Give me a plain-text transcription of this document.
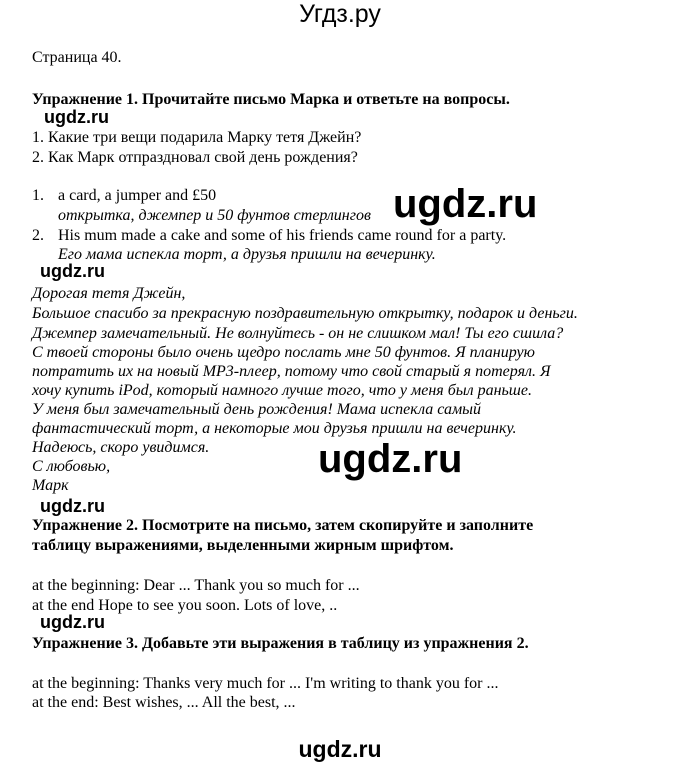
Угдз.ру
Страница 40.
Упражнение 1. Прочитайте письмо Марка и ответьте на вопросы.
ugdz.ru
1. Какие три вещи подарила Марку тетя Джейн?
2. Как Марк отпраздновал свой день рождения?
1. a card, a jumper and £50
открытка, джемпер и 50 фунтов стерлингов ugdz.ru
2. His mum made a cake and some of his friends came round for a party.
Его мама испекла торт, а друзья пришли на вечеринку.
ugdz.ru
Дорогая тетя Джейн,
Большое спасибо за прекрасную поздравительную открытку, подарок и деньги.
Джемпер замечательный. Не волнуйтесь - он не слишком мал! Ты его сшила?
С твоей стороны было очень щедро послать мне 50 фунтов. Я планирую
потратить их на новый MP3-плеер, потому что свой старый я потерял. Я
хочу купить iPod, который намного лучше того, что у меня был раньше.
У меня был замечательный день рождения! Мама испекла самый
фантастический торт, а некоторые мои друзья пришли на вечеринку.
Надеюсь, скоро увидимся.
С любовью,
Марк
ugdz.ru
ugdz.ru
Упражнение 2. Посмотрите на письмо, затем скопируйте и заполните
таблицу выражениями, выделенными жирным шрифтом.
at the beginning: Dear ... Thank you so much for ...
at the end Hope to see you soon. Lots of love, ..
ugdz.ru
Упражнение 3. Добавьте эти выражения в таблицу из упражнения 2.
at the beginning: Thanks very much for ... I'm writing to thank you for ...
at the end: Best wishes, ... All the best, ...
ugdz.ru
